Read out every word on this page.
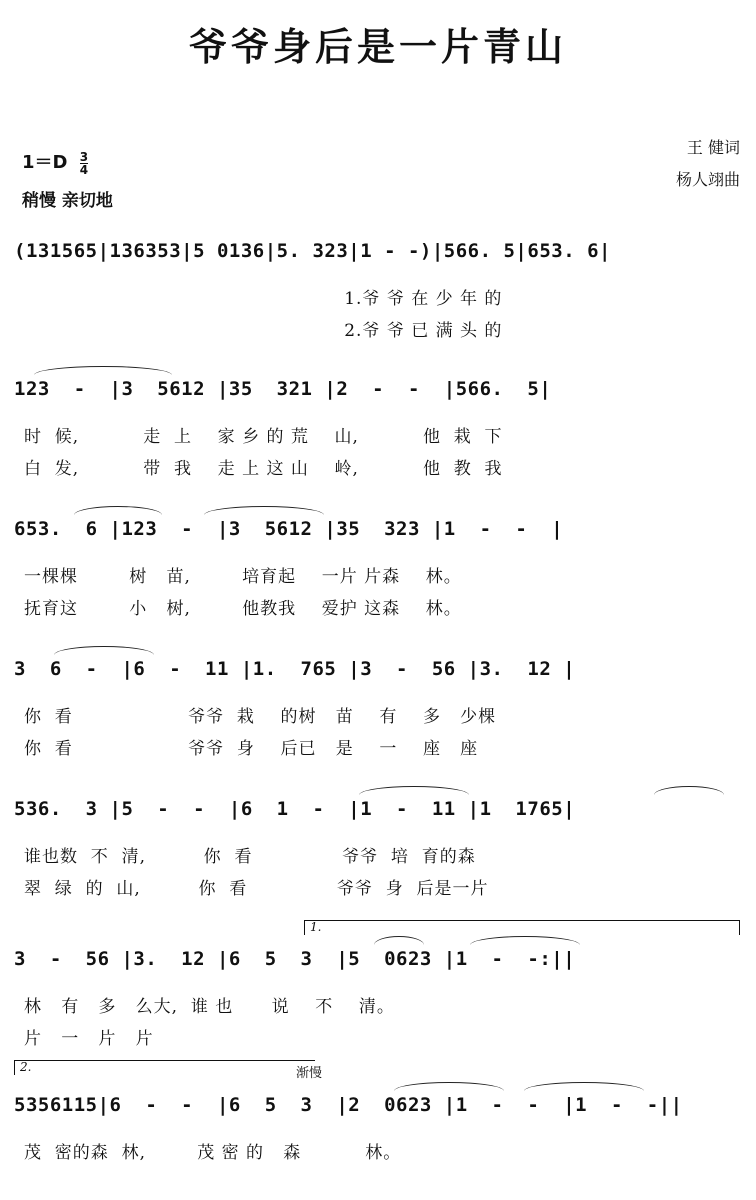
爷爷身后是一片青山
王 健词
杨人翊曲
$1=D \frac{3}{4}$
稍慢 亲切地
(131565|136353|5 0136|5. 323|1 - -)|566. 5|653. 6|
1.爷 爷 在 少 年 的
2.爷 爷 已 满 头 的
123  -  |3  5612 |35  321 |2  -  -  |566.  5|
时  候,          走  上    家 乡 的 荒    山,          他  栽  下
白  发,          带  我    走 上 这 山    岭,          他  教  我
653.  6 |123  -  |3  5612 |35  323 |1  -  -  |
一棵棵        树   苗,        培育起    一片 片森    林。
抚育这        小   树,        他教我    爱护 这森    林。
3  6  -  |6  -  11 |1.  765 |3  -  56 |3.  12 |
你  看                  爷爷  栽    的树   苗    有    多   少棵
你  看                  爷爷  身    后已   是    一    座   座
536.  3 |5  -  -  |6  1  -  |1  -  11 |1  1765|
谁也数  不  清,         你  看              爷爷  培  育的森
翠  绿  的  山,         你  看              爷爷  身  后是一片
1.
3  -  56 |3.  12 |6  5  3  |5  0623 |1  -  -:||
林   有   多   么大,  谁 也      说    不    清。
片   一   片   片
2.	渐慢
5356115|6  -  -  |6  5  3  |2  0623 |1  -  -  |1  -  -||
茂  密的森  林,        茂 密 的   森          林。
